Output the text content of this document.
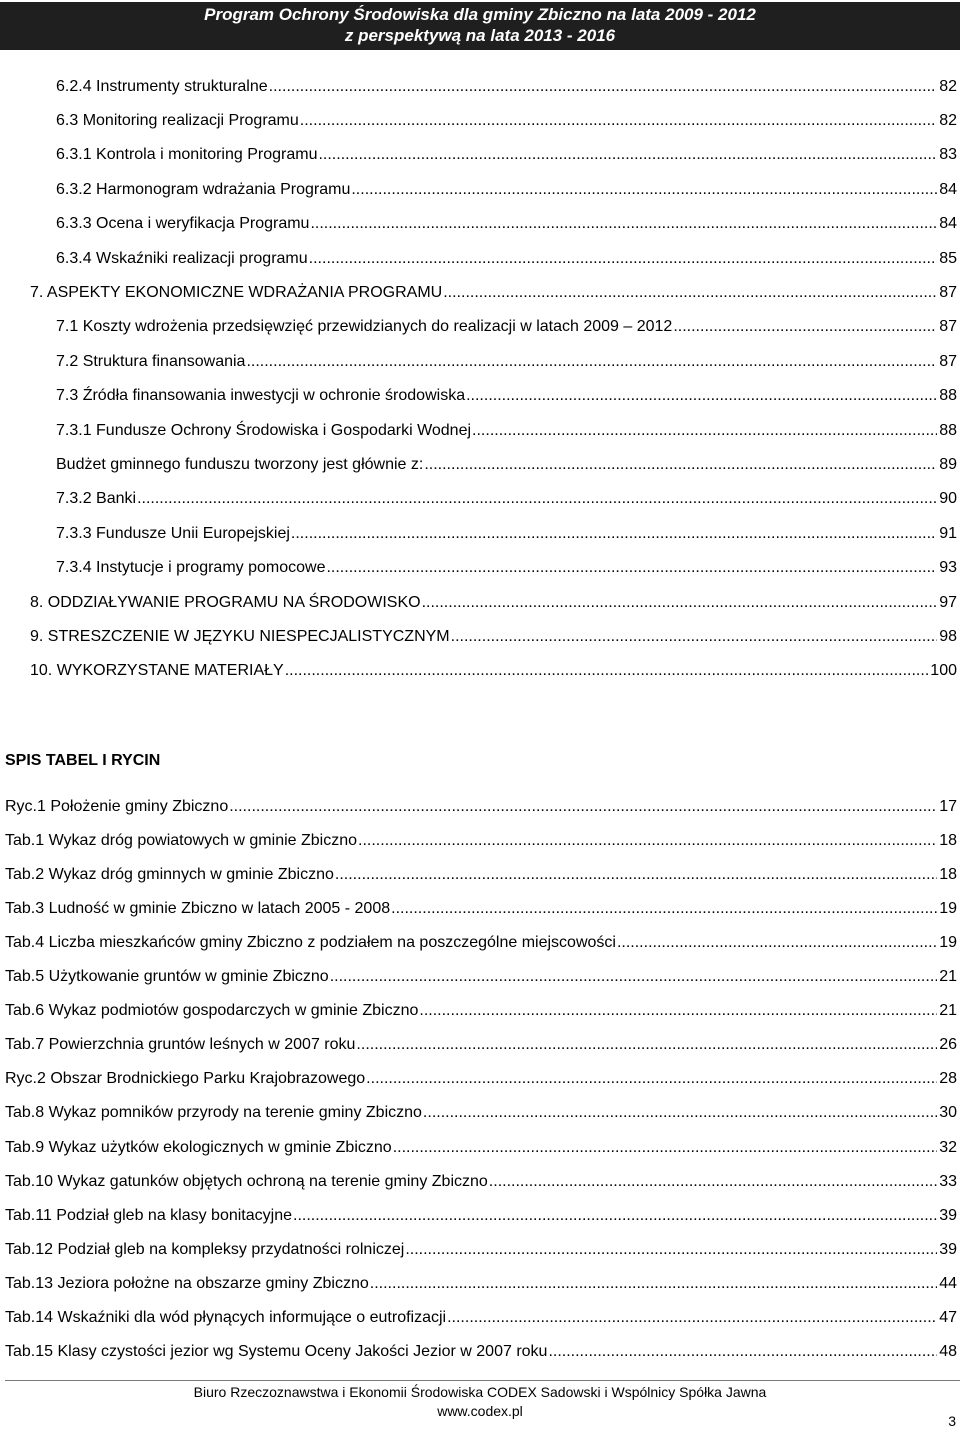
Program Ochrony Środowiska dla gminy Zbiczno na lata 2009 - 2012
z perspektywą na lata 2013 - 2016
6.2.4 Instrumenty strukturalne .....	82
6.3 Monitoring realizacji Programu .....	82
6.3.1 Kontrola i monitoring Programu .....	83
6.3.2 Harmonogram wdrażania Programu .....	84
6.3.3 Ocena i weryfikacja Programu .....	84
6.3.4 Wskaźniki realizacji programu .....	85
7. ASPEKTY EKONOMICZNE WDRAŻANIA PROGRAMU .....	87
7.1 Koszty wdrożenia przedsięwzięć przewidzianych do realizacji w latach 2009 – 2012 .....	87
7.2 Struktura finansowania .....	87
7.3 Źródła finansowania inwestycji w ochronie środowiska .....	88
7.3.1 Fundusze Ochrony Środowiska i Gospodarki Wodnej .....	88
Budżet gminnego funduszu tworzony jest głównie z: .....	89
7.3.2 Banki .....	90
7.3.3 Fundusze Unii Europejskiej .....	91
7.3.4 Instytucje i programy pomocowe .....	93
8. ODDZIAŁYWANIE PROGRAMU NA ŚRODOWISKO .....	97
9. STRESZCZENIE W JĘZYKU NIESPECJALISTYCZNYM .....	98
10. WYKORZYSTANE MATERIAŁY .....	100
SPIS TABEL I RYCIN
Ryc.1 Położenie gminy Zbiczno .....	17
Tab.1 Wykaz dróg powiatowych w gminie Zbiczno .....	18
Tab.2 Wykaz dróg gminnych w gminie Zbiczno .....	18
Tab.3 Ludność w gminie Zbiczno w latach 2005 - 2008 .....	19
Tab.4 Liczba mieszkańców gminy Zbiczno z podziałem na poszczególne miejscowości .....	19
Tab.5 Użytkowanie gruntów w gminie Zbiczno .....	21
Tab.6 Wykaz podmiotów gospodarczych w gminie Zbiczno .....	21
Tab.7 Powierzchnia gruntów leśnych w 2007 roku .....	26
Ryc.2 Obszar Brodnickiego Parku Krajobrazowego .....	28
Tab.8 Wykaz pomników przyrody na terenie gminy Zbiczno .....	30
Tab.9 Wykaz użytków ekologicznych w gminie Zbiczno .....	32
Tab.10 Wykaz gatunków objętych ochroną na terenie gminy Zbiczno .....	33
Tab.11 Podział gleb na klasy bonitacyjne .....	39
Tab.12 Podział gleb na kompleksy przydatności rolniczej .....	39
Tab.13 Jeziora położne na obszarze gminy Zbiczno .....	44
Tab.14 Wskaźniki dla wód płynących informujące o eutrofizacji .....	47
Tab.15 Klasy czystości jezior wg Systemu Oceny Jakości Jezior w 2007 roku .....	48
Biuro Rzeczoznawstwa i Ekonomii Środowiska CODEX Sadowski i Wspólnicy Spółka Jawna
www.codex.pl
3
